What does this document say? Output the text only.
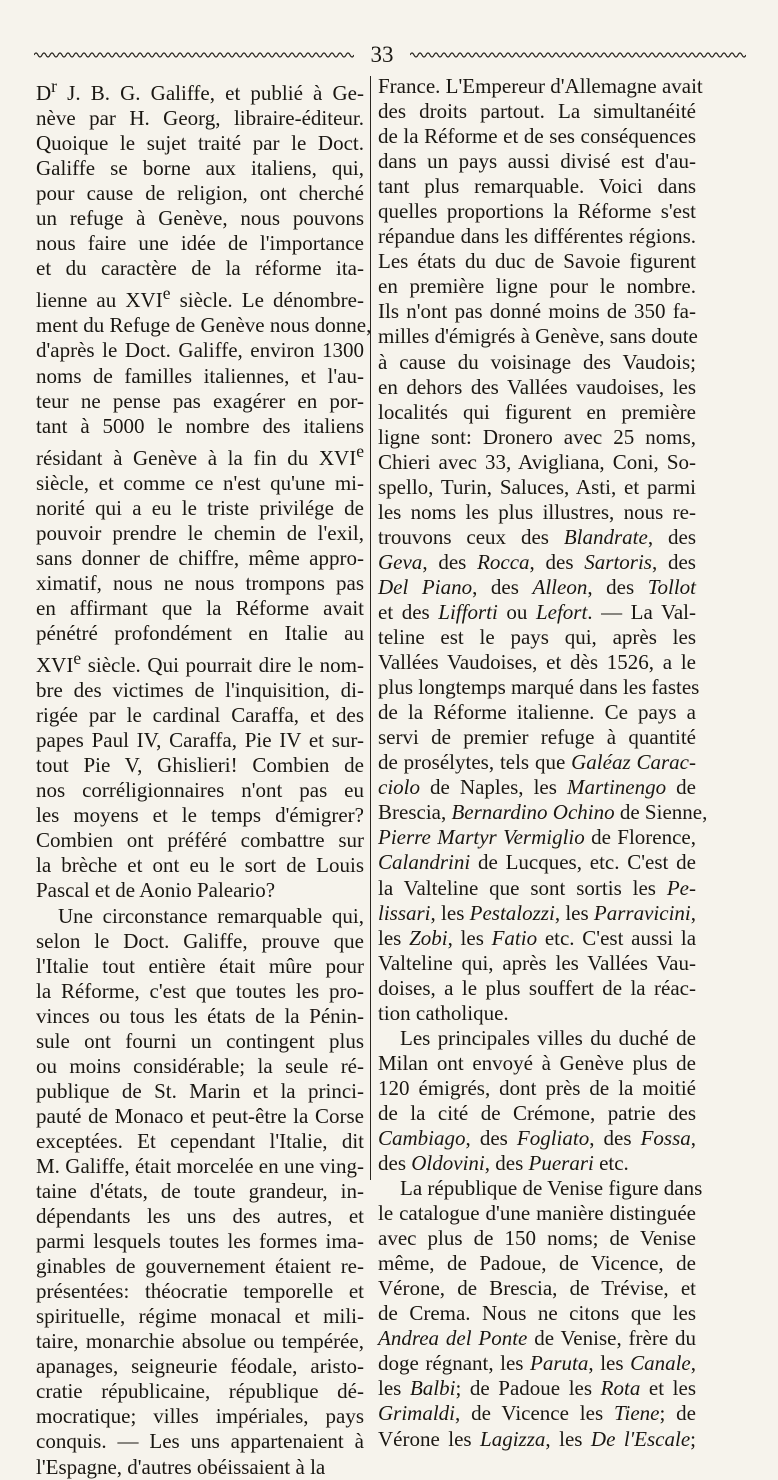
33
$D^r$ J. B. G. Galiffe, et publié à Ge-
nève par H. Georg, libraire-éditeur.
Quoique le sujet traité par le Doct.
Galiffe se borne aux italiens, qui,
pour cause de religion, ont cherché
un refuge à Genève, nous pouvons
nous faire une idée de l'importance
et du caractère de la réforme ita-
lienne au XVIe siècle. Le dénombre-
ment du Refuge de Genève nous donne,
d'après le Doct. Galiffe, environ 1300
noms de familles italiennes, et l'au-
teur ne pense pas exagérer en por-
tant à 5000 le nombre des italiens
résidant à Genève à la fin du XVIe
siècle, et comme ce n'est qu'une mi-
norité qui a eu le triste privilége de
pouvoir prendre le chemin de l'exil,
sans donner de chiffre, même appro-
ximatif, nous ne nous trompons pas
en affirmant que la Réforme avait
pénétré profondément en Italie au
XVIe siècle. Qui pourrait dire le nom-
bre des victimes de l'inquisition, di-
rigée par le cardinal Caraffa, et des
papes Paul IV, Caraffa, Pie IV et sur-
tout Pie V, Ghislieri! Combien de
nos corréligionnaires n'ont pas eu
les moyens et le temps d'émigrer?
Combien ont préféré combattre sur
la brèche et ont eu le sort de Louis
Pascal et de Aonio Paleario?
Une circonstance remarquable qui,
selon le Doct. Galiffe, prouve que
l'Italie tout entière était mûre pour
la Réforme, c'est que toutes les pro-
vinces ou tous les états de la Pénin-
sule ont fourni un contingent plus
ou moins considérable; la seule ré-
publique de St. Marin et la princi-
pauté de Monaco et peut-être la Corse
exceptées. Et cependant l'Italie, dit
M. Galiffe, était morcelée en une ving-
taine d'états, de toute grandeur, in-
dépendants les uns des autres, et
parmi lesquels toutes les formes ima-
ginables de gouvernement étaient re-
présentées: théocratie temporelle et
spirituelle, régime monacal et mili-
taire, monarchie absolue ou tempérée,
apanages, seigneurie féodale, aristo-
cratie républicaine, république dé-
mocratique; villes impériales, pays
conquis. — Les uns appartenaient à
l'Espagne, d'autres obéissaient à la
France. L'Empereur d'Allemagne avait
des droits partout. La simultanéité
de la Réforme et de ses conséquences
dans un pays aussi divisé est d'au-
tant plus remarquable. Voici dans
quelles proportions la Réforme s'est
répandue dans les différentes régions.
Les états du duc de Savoie figurent
en première ligne pour le nombre.
Ils n'ont pas donné moins de 350 fa-
milles d'émigrés à Genève, sans doute
à cause du voisinage des Vaudois;
en dehors des Vallées vaudoises, les
localités qui figurent en première
ligne sont: Dronero avec 25 noms,
Chieri avec 33, Avigliana, Coni, So-
spello, Turin, Saluces, Asti, et parmi
les noms les plus illustres, nous re-
trouvons ceux des Blandrate, des
Geva, des Rocca, des Sartoris, des
Del Piano, des Alleon, des Tollot
et des Lifforti ou Lefort. — La Val-
teline est le pays qui, après les
Vallées Vaudoises, et dès 1526, a le
plus longtemps marqué dans les fastes
de la Réforme italienne. Ce pays a
servi de premier refuge à quantité
de prosélytes, tels que Galéaz Carac-
ciolo de Naples, les Martinengo de
Brescia, Bernardino Ochino de Sienne,
Pierre Martyr Vermiglio de Florence,
Calandrini de Lucques, etc. C'est de
la Valteline que sont sortis les Pe-
lissari, les Pestalozzi, les Parravicini,
les Zobi, les Fatio etc. C'est aussi la
Valteline qui, après les Vallées Vau-
doises, a le plus souffert de la réac-
tion catholique.
Les principales villes du duché de
Milan ont envoyé à Genève plus de
120 émigrés, dont près de la moitié
de la cité de Crémone, patrie des
Cambiago, des Fogliato, des Fossa,
des Oldovini, des Puerari etc.
La république de Venise figure dans
le catalogue d'une manière distinguée
avec plus de 150 noms; de Venise
même, de Padoue, de Vicence, de
Vérone, de Brescia, de Trévise, et
de Crema. Nous ne citons que les
Andrea del Ponte de Venise, frère du
doge régnant, les Paruta, les Canale,
les Balbi; de Padoue les Rota et les
Grimaldi, de Vicence les Tiene; de
Vérone les Lagizza, les De l'Escale;
